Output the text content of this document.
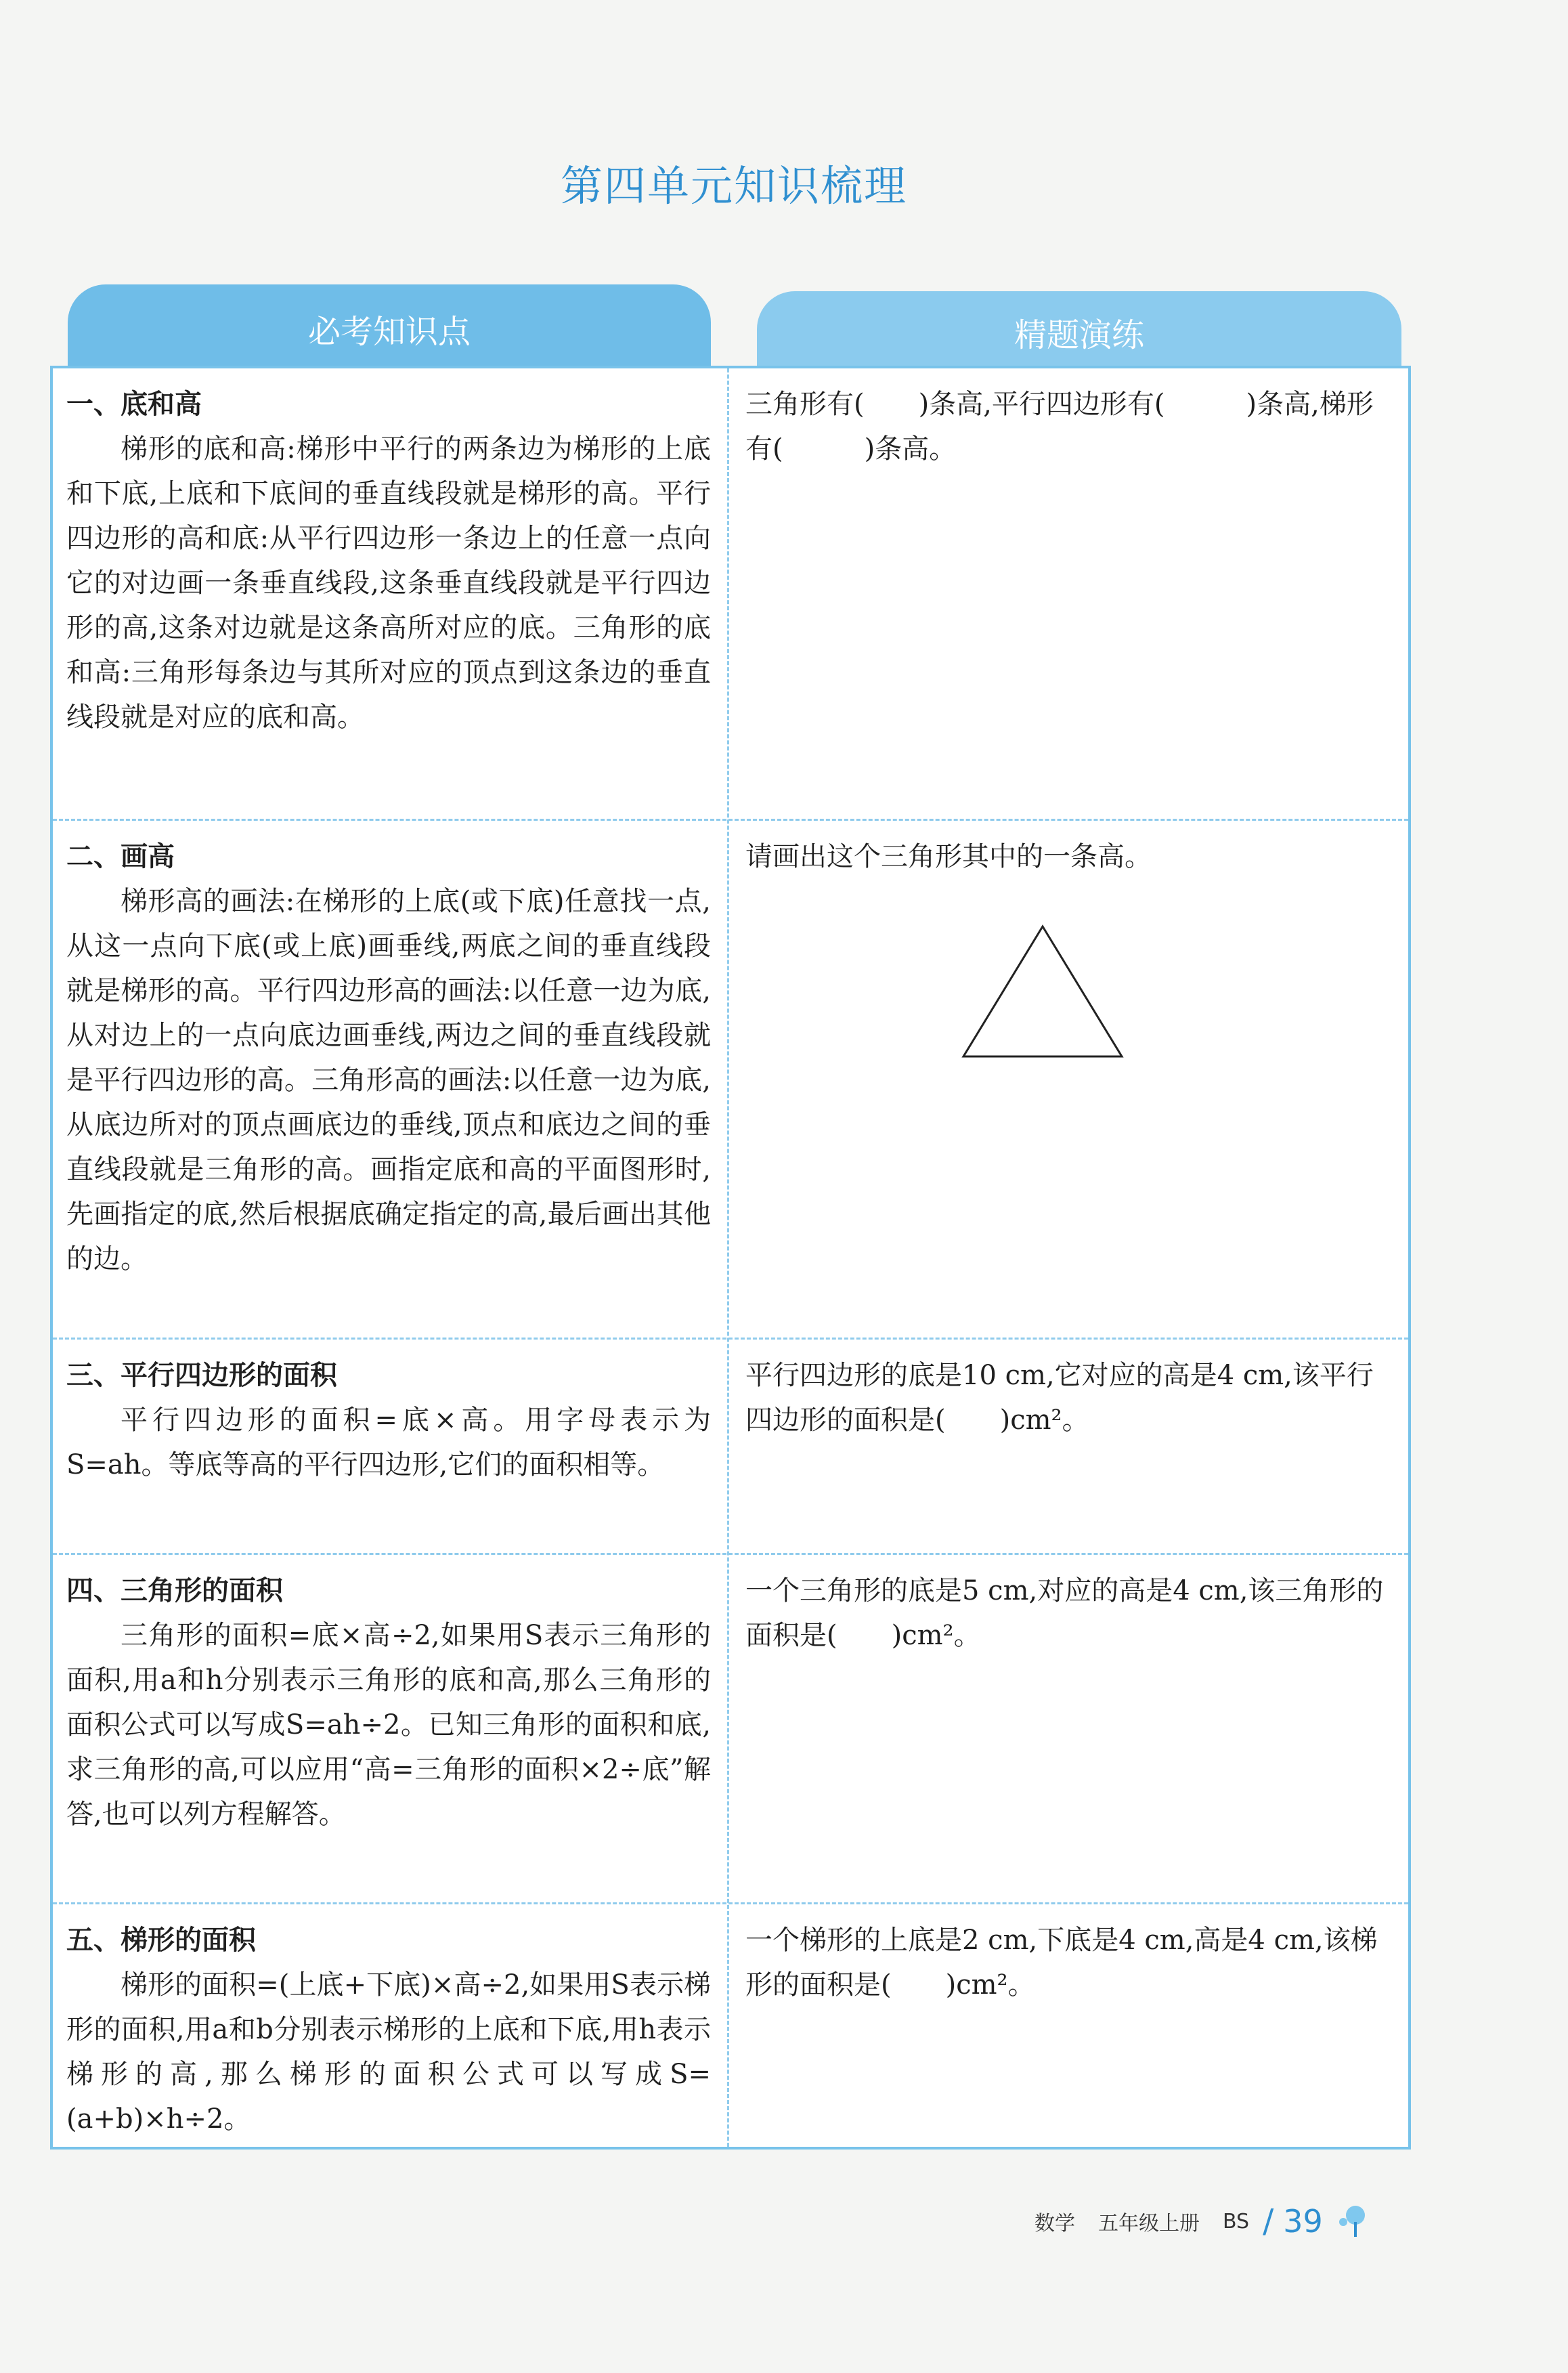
第四单元知识梳理
必考知识点	精题演练
一、底和高
梯形的底和高:梯形中平行的两条边为梯形的上底和下底,上底和下底间的垂直线段就是梯形的高。平行四边形的高和底:从平行四边形一条边上的任意一点向它的对边画一条垂直线段,这条垂直线段就是平行四边形的高,这条对边就是这条高所对应的底。三角形的底和高:三角形每条边与其所对应的顶点到这条边的垂直线段就是对应的底和高。
三角形有(　　)条高,平行四边形有(　　　)条高,梯形有(　　　)条高。
二、画高
梯形高的画法:在梯形的上底(或下底)任意找一点,从这一点向下底(或上底)画垂线,两底之间的垂直线段就是梯形的高。平行四边形高的画法:以任意一边为底,从对边上的一点向底边画垂线,两边之间的垂直线段就是平行四边形的高。三角形高的画法:以任意一边为底,从底边所对的顶点画底边的垂线,顶点和底边之间的垂直线段就是三角形的高。画指定底和高的平面图形时,先画指定的底,然后根据底确定指定的高,最后画出其他的边。
请画出这个三角形其中的一条高。
三、平行四边形的面积
平行四边形的面积=底×高。用字母表示为S=ah。等底等高的平行四边形,它们的面积相等。
平行四边形的底是10 cm,它对应的高是4 cm,该平行四边形的面积是(　　)cm²。
四、三角形的面积
三角形的面积=底×高÷2,如果用S表示三角形的面积,用a和h分别表示三角形的底和高,那么三角形的面积公式可以写成S=ah÷2。已知三角形的面积和底,求三角形的高,可以应用“高=三角形的面积×2÷底”解答,也可以列方程解答。
一个三角形的底是5 cm,对应的高是4 cm,该三角形的面积是(　　)cm²。
五、梯形的面积
梯形的面积=(上底+下底)×高÷2,如果用S表示梯形的面积,用a和b分别表示梯形的上底和下底,用h表示梯形的高,那么梯形的面积公式可以写成S=(a+b)×h÷2。
一个梯形的上底是2 cm,下底是4 cm,高是4 cm,该梯形的面积是(　　)cm²。
数学 五年级上册 BS / 39
